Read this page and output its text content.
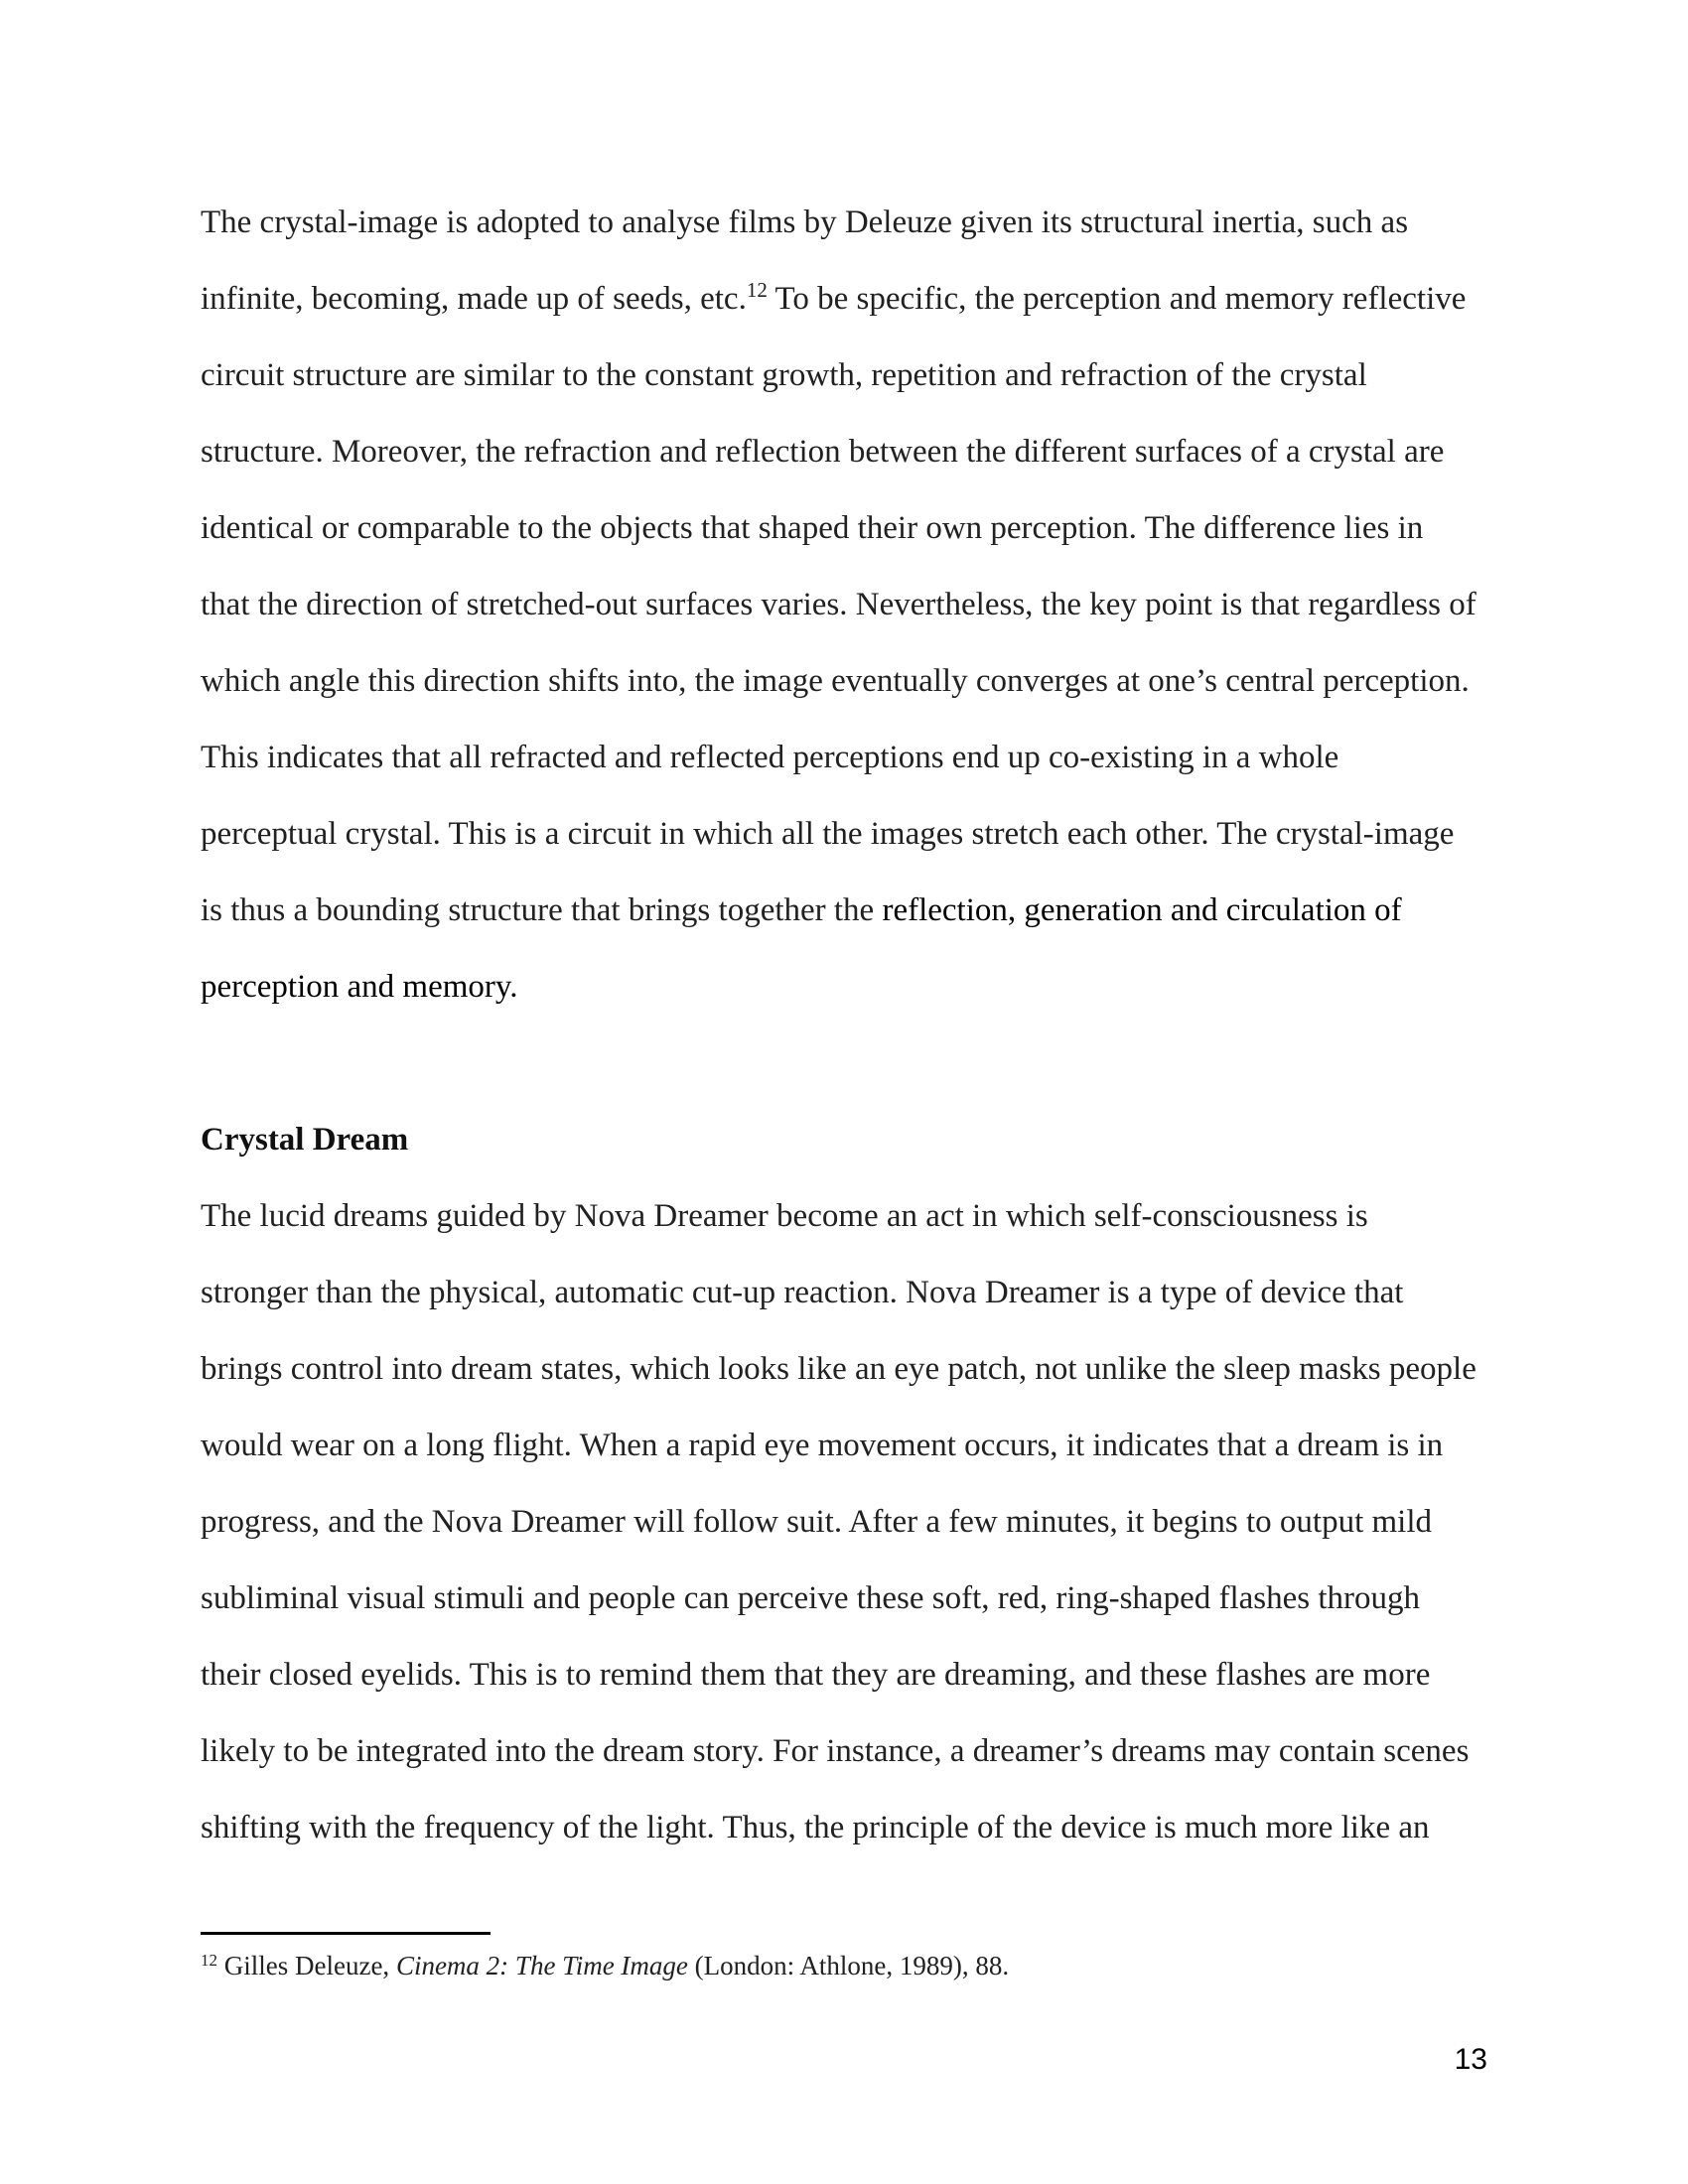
The crystal-image is adopted to analyse films by Deleuze given its structural inertia, such as
infinite, becoming, made up of seeds, etc.$^{12}$ To be specific, the perception and memory reflective
circuit structure are similar to the constant growth, repetition and refraction of the crystal
structure. Moreover, the refraction and reflection between the different surfaces of a crystal are
identical or comparable to the objects that shaped their own perception. The difference lies in
that the direction of stretched-out surfaces varies. Nevertheless, the key point is that regardless of
which angle this direction shifts into, the image eventually converges at one’s central perception.
This indicates that all refracted and reflected perceptions end up co-existing in a whole
perceptual crystal. This is a circuit in which all the images stretch each other. The crystal-image
is thus a bounding structure that brings together the reflection, generation and circulation of
perception and memory.
Crystal Dream
The lucid dreams guided by Nova Dreamer become an act in which self-consciousness is
stronger than the physical, automatic cut-up reaction. Nova Dreamer is a type of device that
brings control into dream states, which looks like an eye patch, not unlike the sleep masks people
would wear on a long flight. When a rapid eye movement occurs, it indicates that a dream is in
progress, and the Nova Dreamer will follow suit. After a few minutes, it begins to output mild
subliminal visual stimuli and people can perceive these soft, red, ring-shaped flashes through
their closed eyelids. This is to remind them that they are dreaming, and these flashes are more
likely to be integrated into the dream story. For instance, a dreamer’s dreams may contain scenes
shifting with the frequency of the light. Thus, the principle of the device is much more like an
$^{12}$ Gilles Deleuze, Cinema 2: The Time Image (London: Athlone, 1989), 88.
13
